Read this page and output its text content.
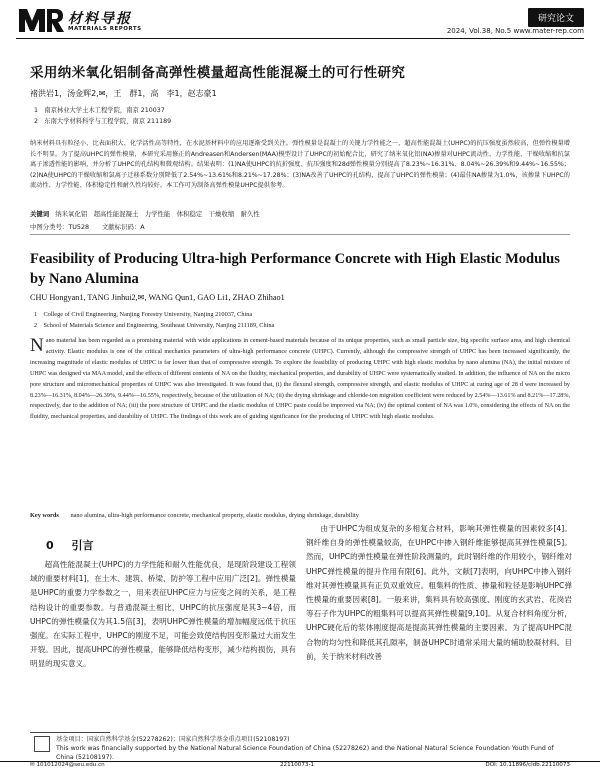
材料导报
MATERIALS REPORTS
研究论文
2024, Vol.38, No.5 www.mater-rep.com
采用纳米氧化铝制备高弹性模量超高性能混凝土的可行性研究
褚洪岩1，汤金辉2,✉，王　群1，高　李1，赵志豪1
1　南京林业大学土木工程学院，南京 210037
2　东南大学材料科学与工程学院，南京 211189
纳米材料具有粒径小、比表面积大、化学活性高等特性，在水泥基材料中的应用逐渐受到关注。弹性模量是混凝土的关键力学性能之一，超高性能混凝土(UHPC)的抗压强度虽然较高，但弹性模量增长不明显。为了提高UHPC的弹性模量，本研究采用修正的Andreasen和Andersen(MAA)模型设计了UHPC的初始配合比，研究了纳米氧化铝(NA)掺量对UHPC流动性、力学性能、干燥收缩和抗氯离子渗透性能的影响，并分析了UHPC的孔结构和微观结构。结果表明：(1)NA使UHPC的抗折强度、抗压强度和28d弹性模量分别提高了8.23%~16.31%、8.04%~26.39%和9.44%~16.55%；(2)NA使UHPC的干燥收缩和氯离子迁移系数分别降低了2.54%~13.61%和8.21%~17.28%；(3)NA改善了UHPC的孔结构，提高了UHPC的弹性模量；(4)最佳NA掺量为1.0%，该掺量下UHPC的流动性、力学性能、体积稳定性和耐久性均较好。本工作可为制备高弹性模量UHPC提供参考。
关键词 纳米氧化铝　超高性能混凝土　力学性能　体积稳定　干燥收缩　耐久性
中图分类号：TU528　　文献标识码：A
Feasibility of Producing Ultra-high Performance Concrete with High Elastic Modulus by Nano Alumina
CHU Hongyan1, TANG Jinhui2,✉, WANG Qun1, GAO Li1, ZHAO Zhihao1
1　College of Civil Engineering, Nanjing Forestry University, Nanjing 210037, China
2　School of Materials Science and Engineering, Southeast University, Nanjing 211189, China
N ano material has been regarded as a promising material with wide applications in cement-based materials because of its unique properties, such as small particle size, big specific surface area, and high chemical activity. Elastic modulus is one of the critical mechanics parameters of ultra-high performance concrete (UHPC). Currently, although the compressive strength of UHPC has been increased significantly, the increasing magnitude of elastic modulus of UHPC is far lower than that of compressive strength. To explore the feasibility of producing UHPC with high elastic modulus by nano alumina (NA), the initial mixture of UHPC was designed via MAA model, and the effects of different contents of NA on the fluidity, mechanical properties, and durability of UHPC were systematically studied. In addition, the influence of NA on the micro pore structure and micromechanical properties of UHPC was also investigated. It was found that, (i) the flexural strength, compressive strength, and elastic modulus of UHPC at curing age of 28 d were increased by 8.23%—16.31%, 8.04%—26.39%, 9.44%—16.55%, respectively, because of the utilization of NA; (ii) the drying shrinkage and chloride-ion migration coefficient were reduced by 2.54%—13.61% and 8.21%—17.28%, respectively, due to the addition of NA; (iii) the pore structure of UHPC and the elastic modulus of UHPC paste could be improved via NA; (iv) the optimal content of NA was 1.0%, considering the effects of NA on the fluidity, mechanical properties, and durability of UHPC. The findings of this work are of guiding significance for the producing of UHPC with high elastic modulus.
Key words nano alumina, ultra-high performance concrete, mechanical property, elastic modulus, drying shrinkage, durability
0 引言
超高性能混凝土(UHPC)的力学性能和耐久性能优良，是现阶段建设工程领域的重要材料[1]，在土木、建筑、桥梁、防护等工程中应用广泛[2]。弹性模量是UHPC的重要力学参数之一，用来表征UHPC应力与应变之间的关系，是工程结构设计的重要参数。与普通混凝土相比，UHPC的抗压强度是其3~4倍，而UHPC的弹性模量仅为其1.5倍[3]，表明UHPC弹性模量的增加幅度远低于抗压强度。在实际工程中，UHPC的刚度不足，可能会致使结构因变形量过大而发生开裂。因此，提高UHPC的弹性模量，能够降低结构变形，减少结构损伤，具有明显的现实意义。
由于UHPC为组成复杂的多相复合材料，影响其弹性模量的因素较多[4]。钢纤维自身的弹性模量较高，在UHPC中掺入钢纤维能够提高其弹性模量[5]。然而，UHPC的弹性模量在弹性阶段测量的，此时钢纤维的作用较小，钢纤维对UHPC弹性模量的提升作用有限[6]。此外，文献[7]表明，向UHPC中掺入钢纤维对其弹性模量具有正负双重效应。粗集料的性质、掺量和粒径是影响UHPC弹性模量的重要因素[8]。一般来讲，集料具有较高强度、刚度的玄武岩、花岗岩等石子作为UHPC的粗集料可以提高其弹性模量[9,10]。从复合材料角度分析，UHPC硬化后的浆体刚度提高是提高其弹性模量的主要因素。为了提高UHPC混合物的均匀性和降低其孔隙率，制备UHPC时通常采用大量的辅助胶凝材料。目前，关于纳米材料改善
基金项目：国家自然科学基金(52278262)；国家自然科学基金重点项目(52108197)
This work was financially supported by the National Natural Science Foundation of China (52278262) and the National Natural Science Foundation Youth Fund of China (52108197).
✉ 101012024@seu.edu.cn	22110073-1	DOI: 10.11896/cldb.22110073
